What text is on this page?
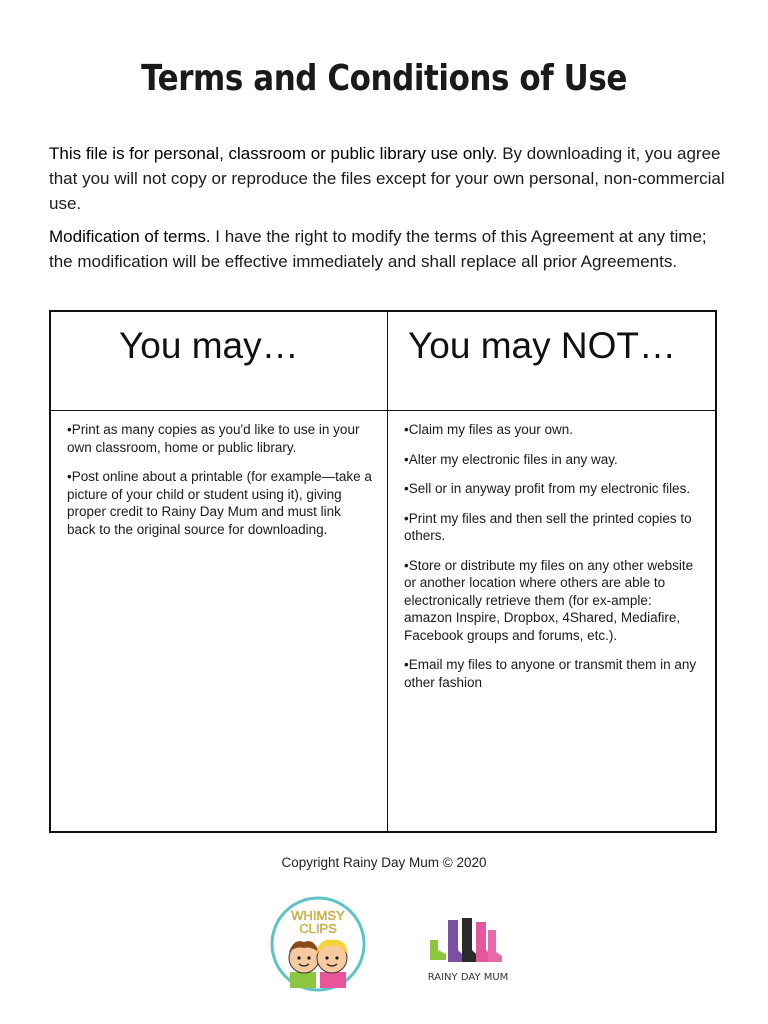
Terms and Conditions of Use
This file is for personal, classroom or public library use only. By downloading it, you agree that you will not copy or reproduce the files except for your own personal, non-commercial use.
Modification of terms. I have the right to modify the terms of this Agreement at any time; the modification will be effective immediately and shall replace all prior Agreements.
You may…	You may NOT…

•Print as many copies as you'd like to use in your own classroom, home or public library.

•Post online about a printable (for example—take a picture of your child or student using it), giving proper credit to Rainy Day Mum and must link back to the original source for downloading.

•Claim my files as your own.

•Alter my electronic files in any way.

•Sell or in anyway profit from my electronic files.

•Print my files and then sell the printed copies to others.

•Store or distribute my files on any other website or another location where others are able to electronically retrieve them (for ex-ample: amazon Inspire, Dropbox, 4Shared, Mediafire, Facebook groups and forums, etc.).

•Email my files to anyone or transmit them in any other fashion

Copyright Rainy Day Mum © 2020
WHIMSY
CLIPS
RAINY DAY MUM
